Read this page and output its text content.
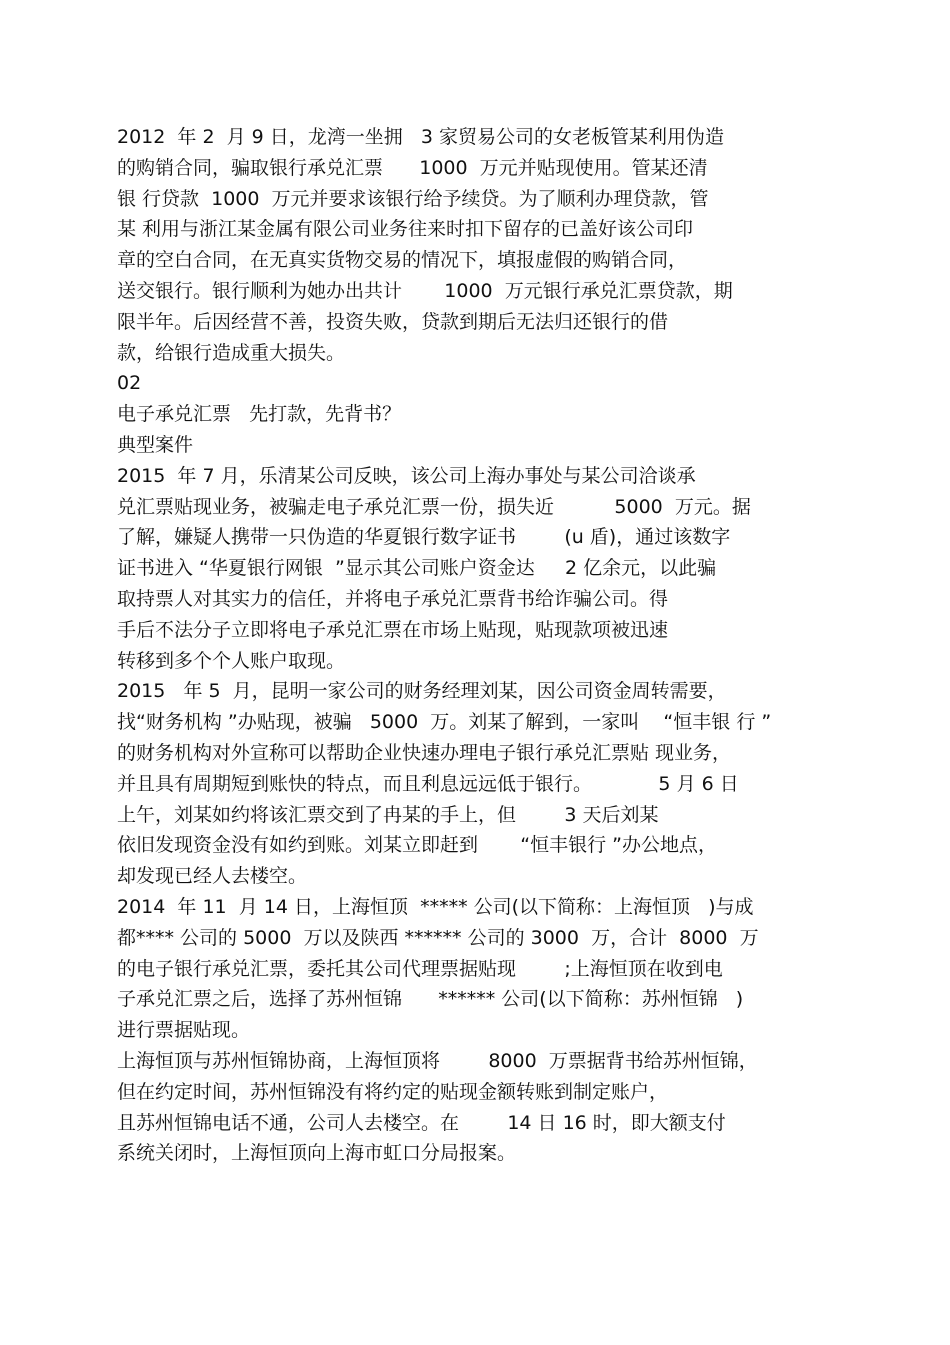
2012  年 2  月 9 日，龙湾一坐拥   3 家贸易公司的女老板管某利用伪造
的购销合同，骗取银行承兑汇票      1000  万元并贴现使用。管某还清
银 行贷款  1000  万元并要求该银行给予续贷。为了顺利办理贷款，管
某 利用与浙江某金属有限公司业务往来时扣下留存的已盖好该公司印
章的空白合同，在无真实货物交易的情况下，填报虚假的购销合同，
送交银行。银行顺利为她办出共计       1000  万元银行承兑汇票贷款，期
限半年。后因经营不善，投资失败，贷款到期后无法归还银行的借
款，给银行造成重大损失。
02
电子承兑汇票   先打款，先背书？
典型案件
2015  年 7 月，乐清某公司反映，该公司上海办事处与某公司洽谈承
兑汇票贴现业务，被骗走电子承兑汇票一份，损失近          5000  万元。据
了解，嫌疑人携带一只伪造的华夏银行数字证书        (u 盾)，通过该数字
证书进入 “华夏银行网银  ”显示其公司账户资金达     2 亿余元，以此骗
取持票人对其实力的信任，并将电子承兑汇票背书给诈骗公司。得
手后不法分子立即将电子承兑汇票在市场上贴现，贴现款项被迅速
转移到多个个人账户取现。
2015   年 5  月，昆明一家公司的财务经理刘某，因公司资金周转需要，
找“财务机构 ”办贴现，被骗   5000  万。刘某了解到，一家叫    “恒丰银 行 ”
的财务机构对外宣称可以帮助企业快速办理电子银行承兑汇票贴 现业务，
并且具有周期短到账快的特点，而且利息远远低于银行。           5 月 6 日
上午，刘某如约将该汇票交到了冉某的手上，但        3 天后刘某
依旧发现资金没有如约到账。刘某立即赶到       “恒丰银行 ”办公地点，
却发现已经人去楼空。
2014  年 11  月 14 日，上海恒顶  ***** 公司(以下简称：上海恒顶   )与成
都**** 公司的 5000  万以及陕西 ****** 公司的 3000  万，合计  8000  万
的电子银行承兑汇票，委托其公司代理票据贴现        ;上海恒顶在收到电
子承兑汇票之后，选择了苏州恒锦      ****** 公司(以下简称：苏州恒锦   )
进行票据贴现。
上海恒顶与苏州恒锦协商，上海恒顶将        8000  万票据背书给苏州恒锦，
但在约定时间，苏州恒锦没有将约定的贴现金额转账到制定账户，
且苏州恒锦电话不通，公司人去楼空。在        14 日 16 时，即大额支付
系统关闭时，上海恒顶向上海市虹口分局报案。
